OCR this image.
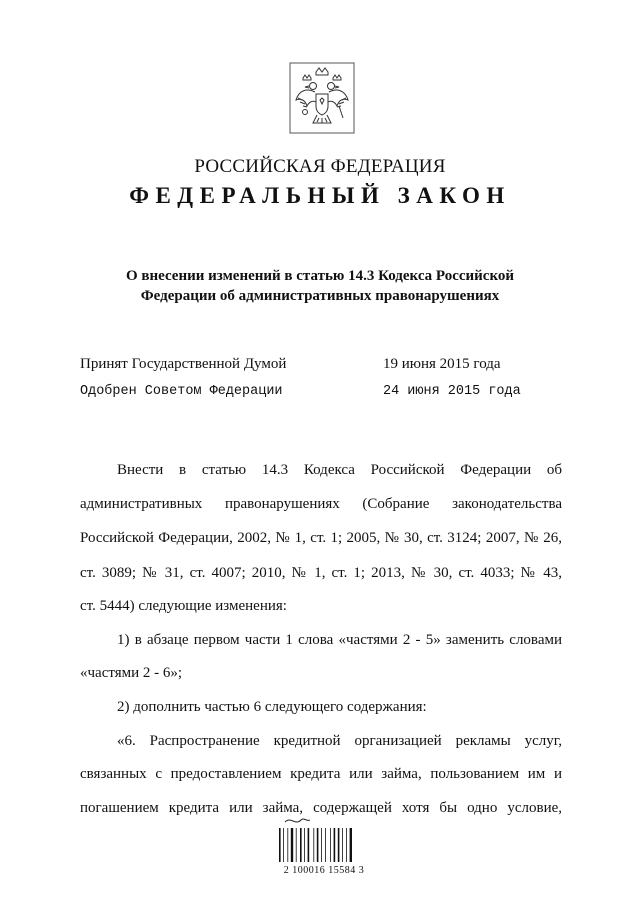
РОССИЙСКАЯ ФЕДЕРАЦИЯ
ФЕДЕРАЛЬНЫЙ ЗАКОН
О внесении изменений в статью 14.3 Кодекса Российской
Федерации об административных правонарушениях
Принят Государственной Думой	19 июня 2015 года
Одобрен Советом Федерации	24 июня 2015 года
Внести в статью 14.3 Кодекса Российской Федерации об
административных правонарушениях (Собрание законодательства
Российской Федерации, 2002, № 1, ст. 1; 2005, № 30, ст. 3124; 2007, № 26,
ст. 3089; № 31, ст. 4007; 2010, № 1, ст. 1; 2013, № 30, ст. 4033; № 43,
ст. 5444) следующие изменения:
1) в абзаце первом части 1 слова «частями 2 - 5» заменить словами
«частями 2 - 6»;
2) дополнить частью 6 следующего содержания:
«6. Распространение кредитной организацией рекламы услуг,
связанных с предоставлением кредита или займа, пользованием им и
погашением кредита или займа, содержащей хотя бы одно условие,
2 100016 15584 3
